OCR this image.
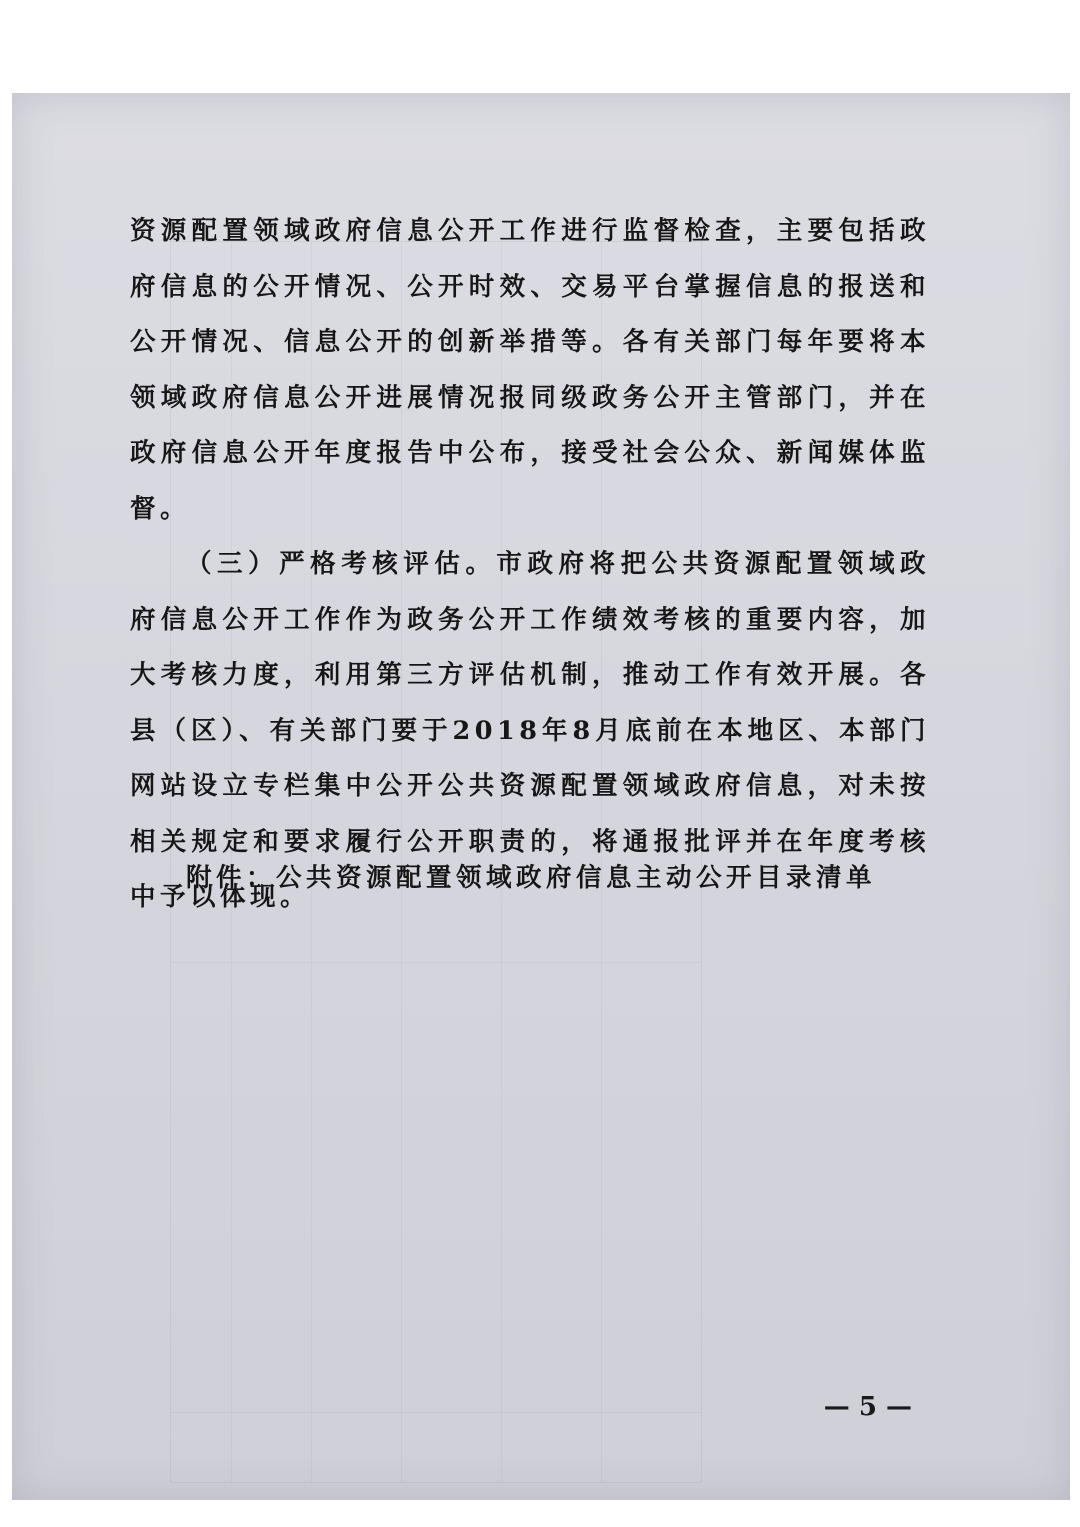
资源配置领域政府信息公开工作进行监督检查，主要包括政府信息的公开情况、公开时效、交易平台掌握信息的报送和公开情况、信息公开的创新举措等。各有关部门每年要将本领域政府信息公开进展情况报同级政务公开主管部门，并在政府信息公开年度报告中公布，接受社会公众、新闻媒体监督。

（三）严格考核评估。市政府将把公共资源配置领域政府信息公开工作作为政务公开工作绩效考核的重要内容，加大考核力度，利用第三方评估机制，推动工作有效开展。各县（区）、有关部门要于2018年8月底前在本地区、本部门网站设立专栏集中公开公共资源配置领域政府信息，对未按相关规定和要求履行公开职责的，将通报批评并在年度考核中予以体现。

附件：公共资源配置领域政府信息主动公开目录清单
— 5 —
